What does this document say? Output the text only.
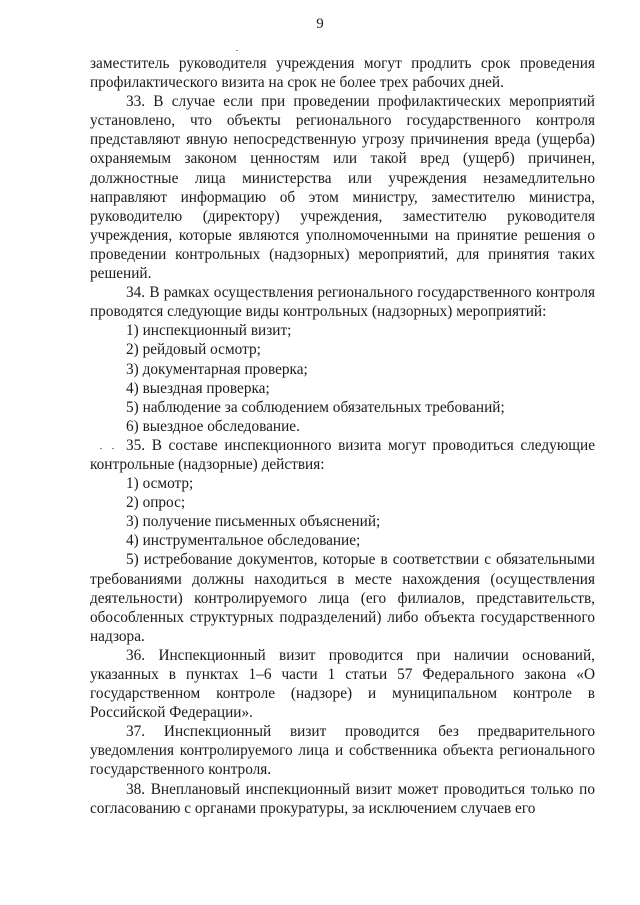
9

заместитель руководителя учреждения могут продлить срок проведения профилактического визита на срок не более трех рабочих дней.

33. В случае если при проведении профилактических мероприятий установлено, что объекты регионального государственного контроля представляют явную непосредственную угрозу причинения вреда (ущерба) охраняемым законом ценностям или такой вред (ущерб) причинен, должностные лица министерства или учреждения незамедлительно направляют информацию об этом министру, заместителю министра, руководителю (директору) учреждения, заместителю руководителя учреждения, которые являются уполномоченными на принятие решения о проведении контрольных (надзорных) мероприятий, для принятия таких решений.

34. В рамках осуществления регионального государственного контроля проводятся следующие виды контрольных (надзорных) мероприятий:

1) инспекционный визит;

2) рейдовый осмотр;

3) документарная проверка;

4) выездная проверка;

5) наблюдение за соблюдением обязательных требований;

6) выездное обследование.

35. В составе инспекционного визита могут проводиться следующие контрольные (надзорные) действия:

1) осмотр;

2) опрос;

3) получение письменных объяснений;

4) инструментальное обследование;

5) истребование документов, которые в соответствии с обязательными требованиями должны находиться в месте нахождения (осуществления деятельности) контролируемого лица (его филиалов, представительств, обособленных структурных подразделений) либо объекта государственного надзора.

36. Инспекционный визит проводится при наличии оснований, указанных в пунктах 1–6 части 1 статьи 57 Федерального закона «О государственном контроле (надзоре) и муниципальном контроле в Российской Федерации».

37. Инспекционный визит проводится без предварительного уведомления контролируемого лица и собственника объекта регионального государственного контроля.

38. Внеплановый инспекционный визит может проводиться только по согласованию с органами прокуратуры, за исключением случаев его
